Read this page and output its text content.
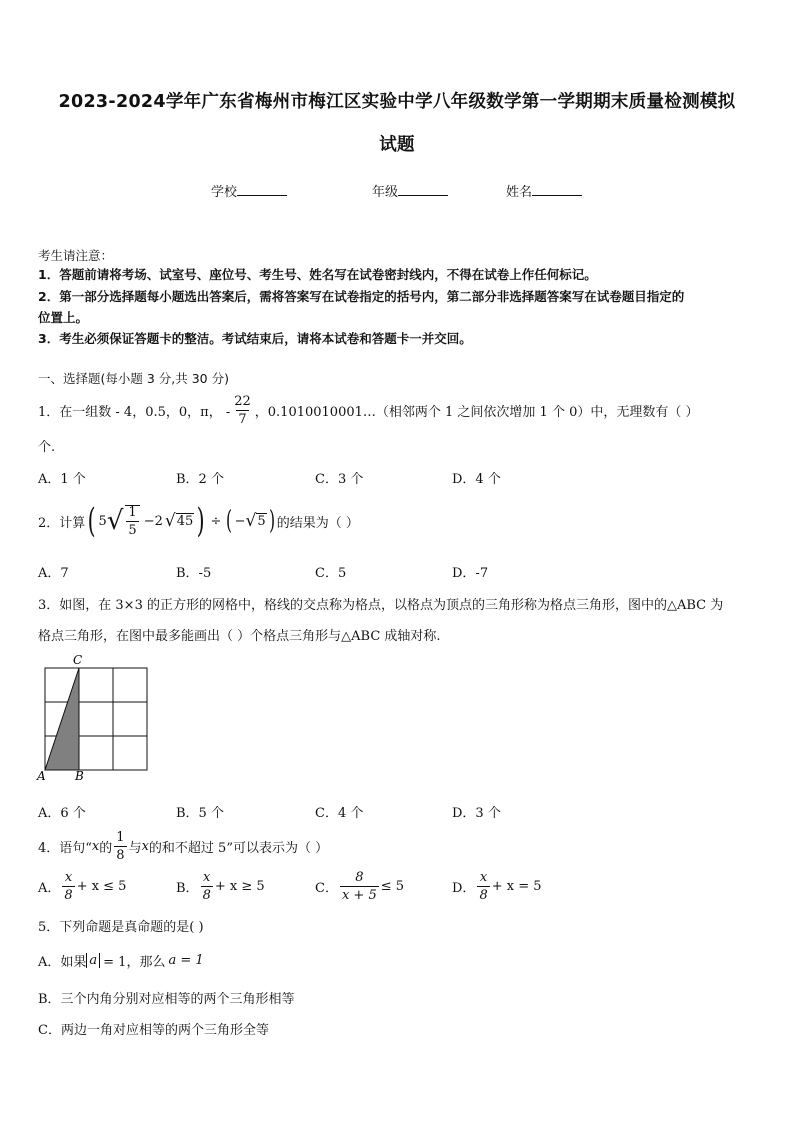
2023-2024学年广东省梅州市梅江区实验中学八年级数学第一学期期末质量检测模拟
试题
学校	年级	姓名
考生请注意：
1．答题前请将考场、试室号、座位号、考生号、姓名写在试卷密封线内，不得在试卷上作任何标记。
2．第一部分选择题每小题选出答案后，需将答案写在试卷指定的括号内，第二部分非选择题答案写在试卷题目指定的
位置上。
3．考生必须保证答题卡的整洁。考试结束后，请将本试卷和答题卡一并交回。
一、选择题(每小题 3 分,共 30 分)
1．在一组数 - 4，0.5，0，π， - $\frac{22}{7}$ ，0.1010010001…（相邻两个 1 之间依次增加 1 个 0）中，无理数有（ ）
个.
A．1 个	B．2 个	C．3 个	D．4 个
2．计算 ( 5 √ $\frac{1}{5} -2$ √ 45 ) ÷ ( − √ 5 ) 的结果为（ ）
A．7	B．-5	C．5	D．-7
3．如图，在 3×3 的正方形的网格中，格线的交点称为格点，以格点为顶点的三角形称为格点三角形，图中的△ABC 为
格点三角形，在图中最多能画出（ ）个格点三角形与△ABC 成轴对称.
A B
C
A．6 个	B．5 个	C．4 个	D．3 个
4．语句“ x 的 $\frac{1}{8}$ 与 x 的和不超过 5”可以表示为（ ）
A． $\frac{x}{8} + x \le 5$	B． $\frac{x}{8} + x \ge 5$	C． $\frac{8}{x + 5} \le 5$	D． $\frac{x}{8} + x = 5$
5．下列命题是真命题的是( )
A．如果 a = 1，那么 a = 1
B．三个内角分别对应相等的两个三角形相等
C．两边一角对应相等的两个三角形全等
